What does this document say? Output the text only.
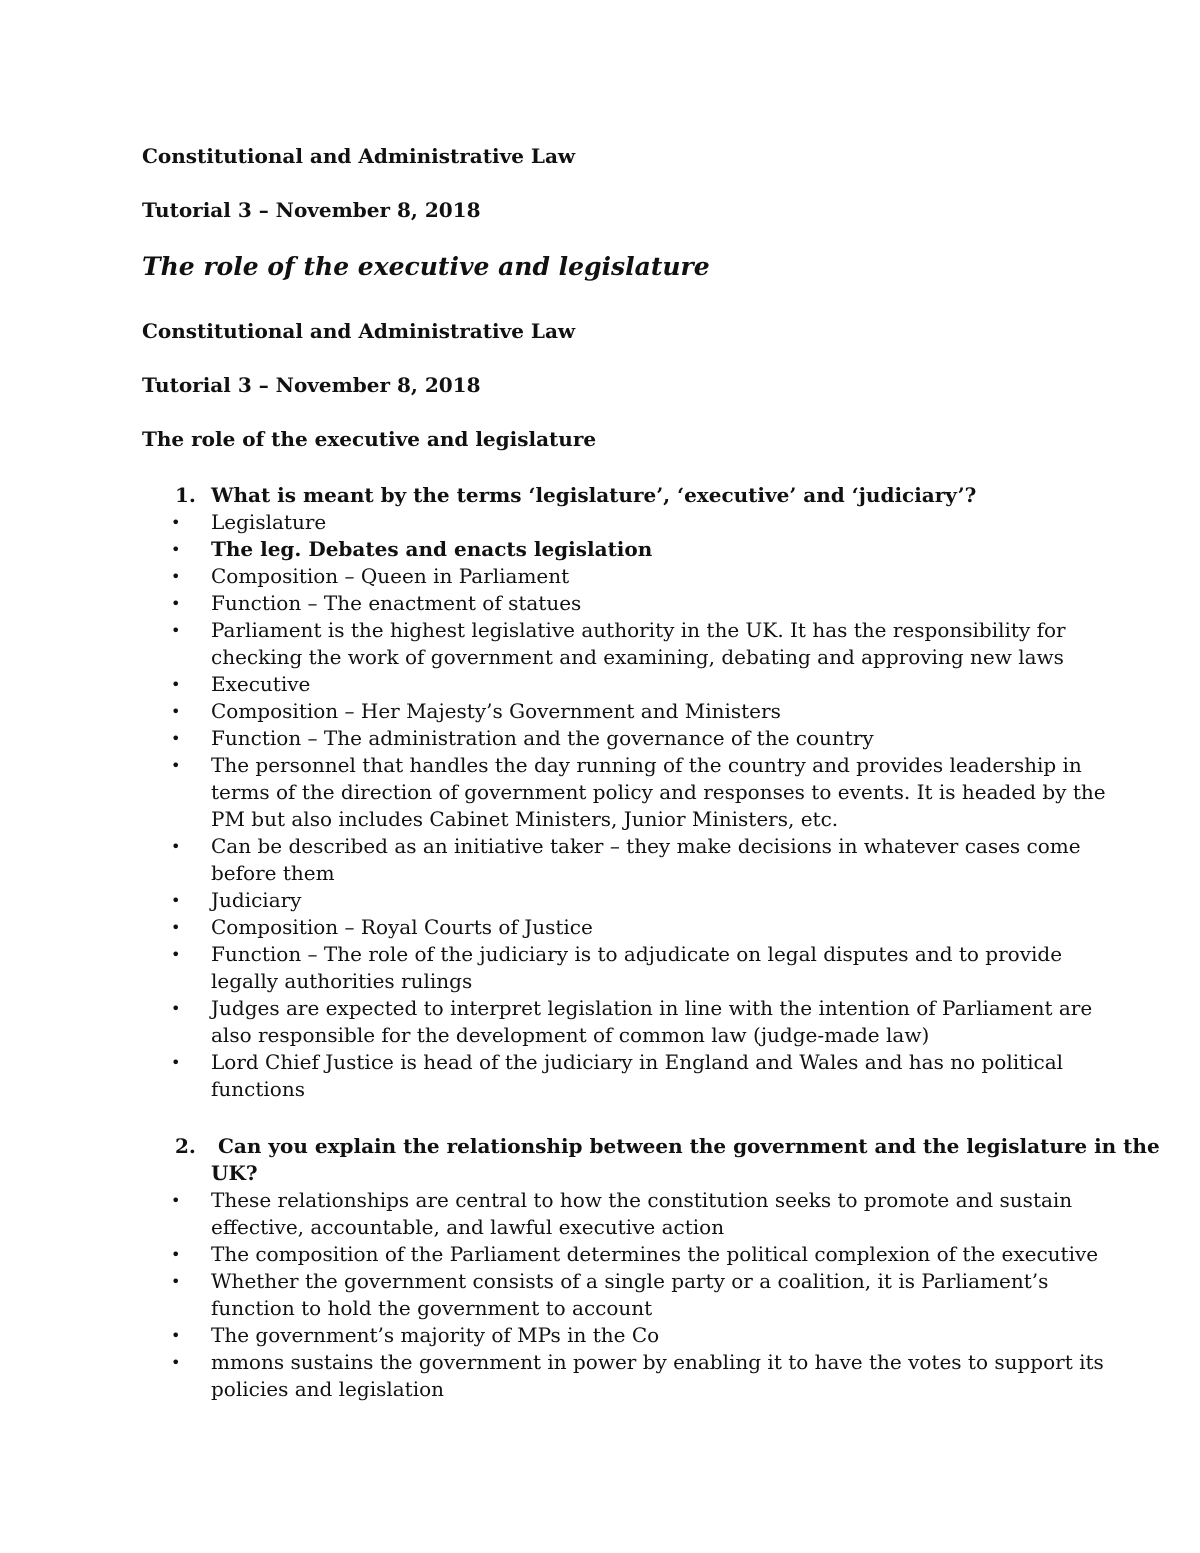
Constitutional and Administrative Law
Tutorial 3 – November 8, 2018
The role of the executive and legislature
Constitutional and Administrative Law
Tutorial 3 – November 8, 2018
The role of the executive and legislature
1. What is meant by the terms ‘legislature’, ‘executive’ and ‘judiciary’?
• Legislature
• The leg. Debates and enacts legislation
• Composition – Queen in Parliament
• Function – The enactment of statues
• Parliament is the highest legislative authority in the UK. It has the responsibility for
checking the work of government and examining, debating and approving new laws
• Executive
• Composition – Her Majesty’s Government and Ministers
• Function – The administration and the governance of the country
• The personnel that handles the day running of the country and provides leadership in
terms of the direction of government policy and responses to events. It is headed by the
PM but also includes Cabinet Ministers, Junior Ministers, etc.
• Can be described as an initiative taker – they make decisions in whatever cases come
before them
• Judiciary
• Composition – Royal Courts of Justice
• Function – The role of the judiciary is to adjudicate on legal disputes and to provide
legally authorities rulings
• Judges are expected to interpret legislation in line with the intention of Parliament are
also responsible for the development of common law (judge-made law)
• Lord Chief Justice is head of the judiciary in England and Wales and has no political
functions
2. Can you explain the relationship between the government and the legislature in the
UK?
• These relationships are central to how the constitution seeks to promote and sustain
effective, accountable, and lawful executive action
• The composition of the Parliament determines the political complexion of the executive
• Whether the government consists of a single party or a coalition, it is Parliament’s
function to hold the government to account
• The government’s majority of MPs in the Co
• mmons sustains the government in power by enabling it to have the votes to support its
policies and legislation
